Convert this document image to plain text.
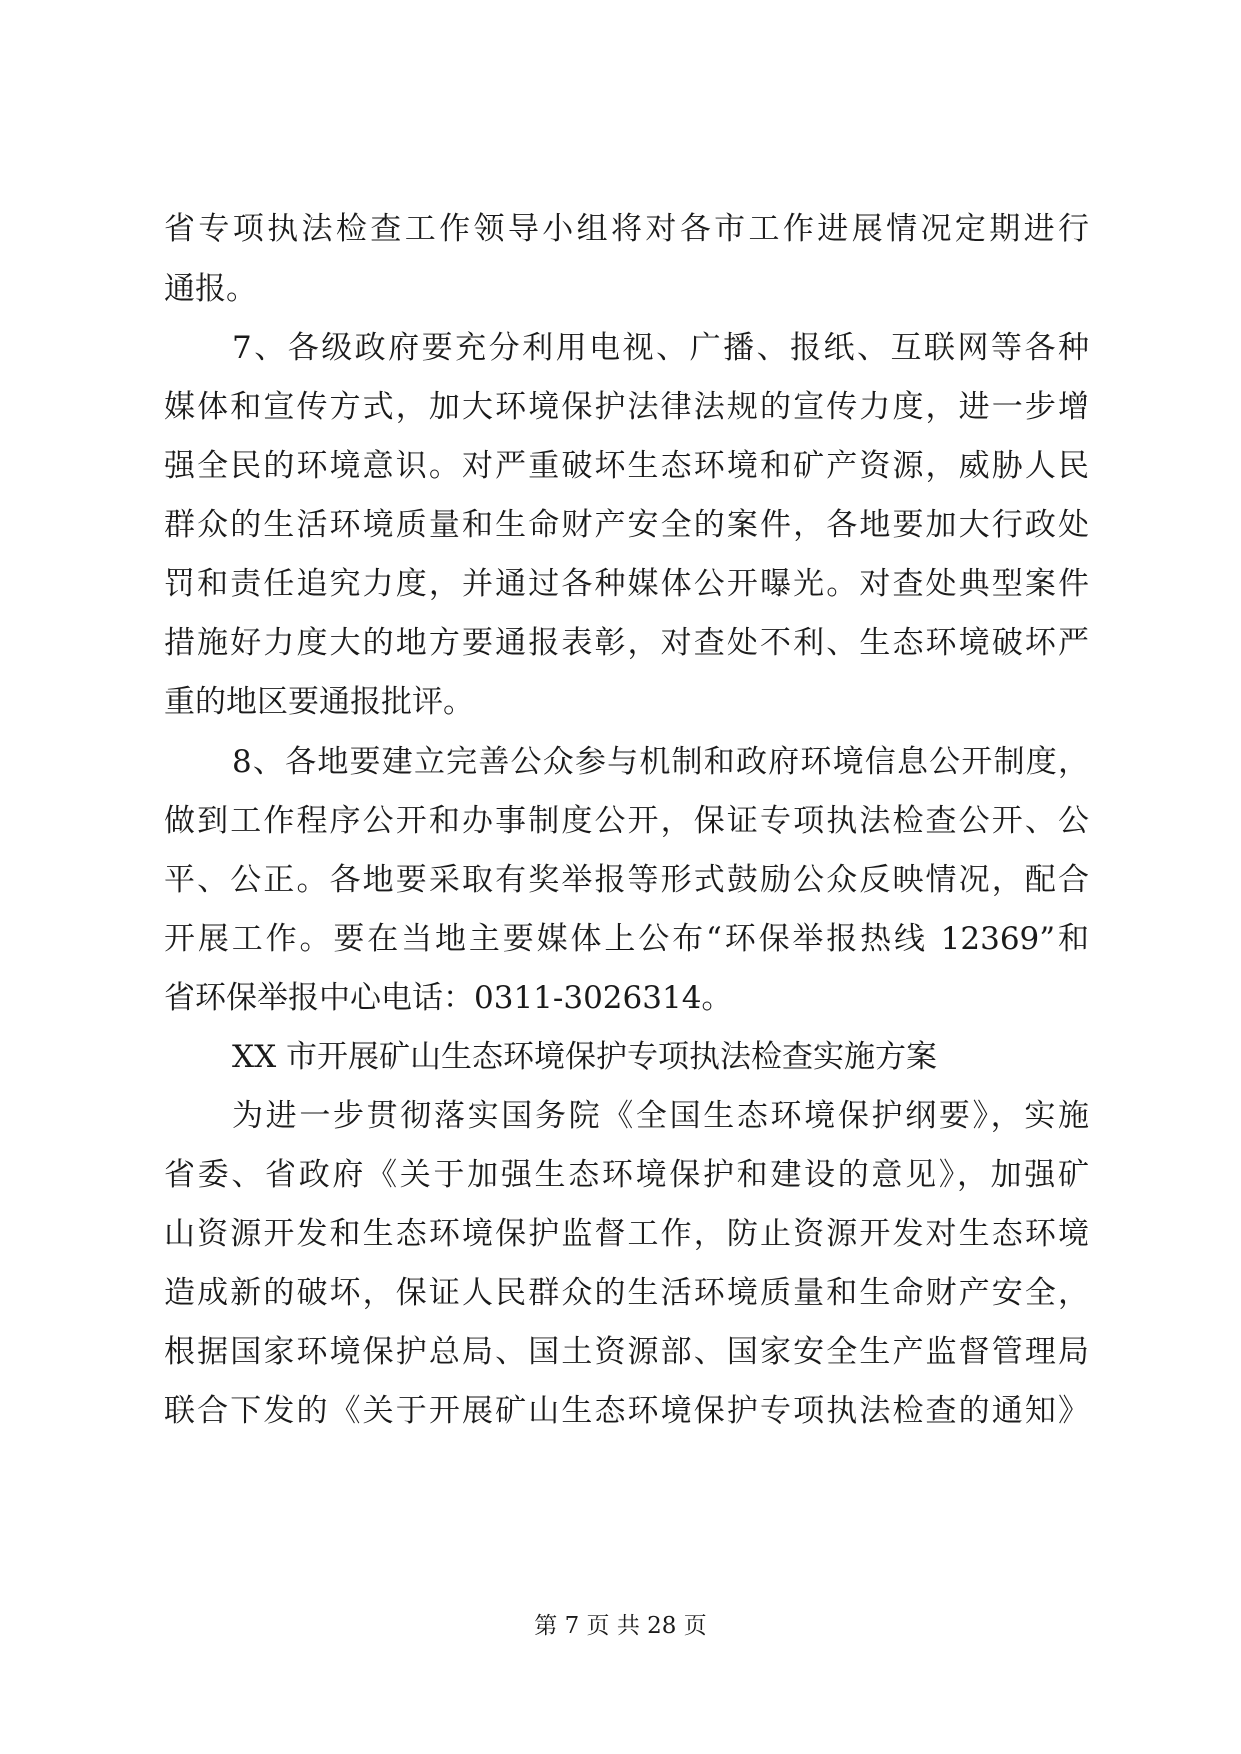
省专项执法检查工作领导小组将对各市工作进展情况定期进行
通报。
7、各级政府要充分利用电视、广播、报纸、互联网等各种
媒体和宣传方式，加大环境保护法律法规的宣传力度，进一步增
强全民的环境意识。对严重破坏生态环境和矿产资源，威胁人民
群众的生活环境质量和生命财产安全的案件，各地要加大行政处
罚和责任追究力度，并通过各种媒体公开曝光。对查处典型案件
措施好力度大的地方要通报表彰，对查处不利、生态环境破坏严
重的地区要通报批评。
8、各地要建立完善公众参与机制和政府环境信息公开制度，
做到工作程序公开和办事制度公开，保证专项执法检查公开、公
平、公正。各地要采取有奖举报等形式鼓励公众反映情况，配合
开展工作。要在当地主要媒体上公布“环保举报热线 12369”和
省环保举报中心电话：0311-3026314。
XX 市开展矿山生态环境保护专项执法检查实施方案
为进一步贯彻落实国务院《全国生态环境保护纲要》，实施
省委、省政府《关于加强生态环境保护和建设的意见》，加强矿
山资源开发和生态环境保护监督工作，防止资源开发对生态环境
造成新的破坏，保证人民群众的生活环境质量和生命财产安全，
根据国家环境保护总局、国土资源部、国家安全生产监督管理局
联合下发的《关于开展矿山生态环境保护专项执法检查的通知》
第 7 页 共 28 页
